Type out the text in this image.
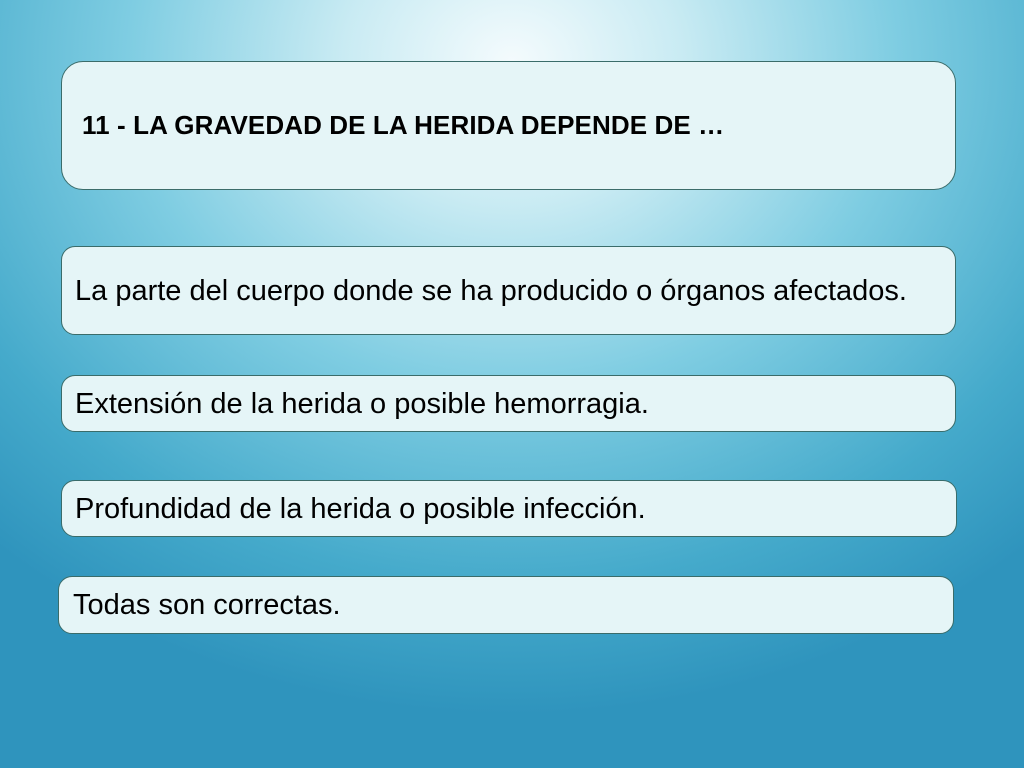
11 - LA GRAVEDAD DE LA HERIDA DEPENDE DE …
La parte del cuerpo donde se ha producido o órganos afectados.
Extensión de la herida o posible hemorragia.
Profundidad de la herida o posible infección.
Todas son correctas.
